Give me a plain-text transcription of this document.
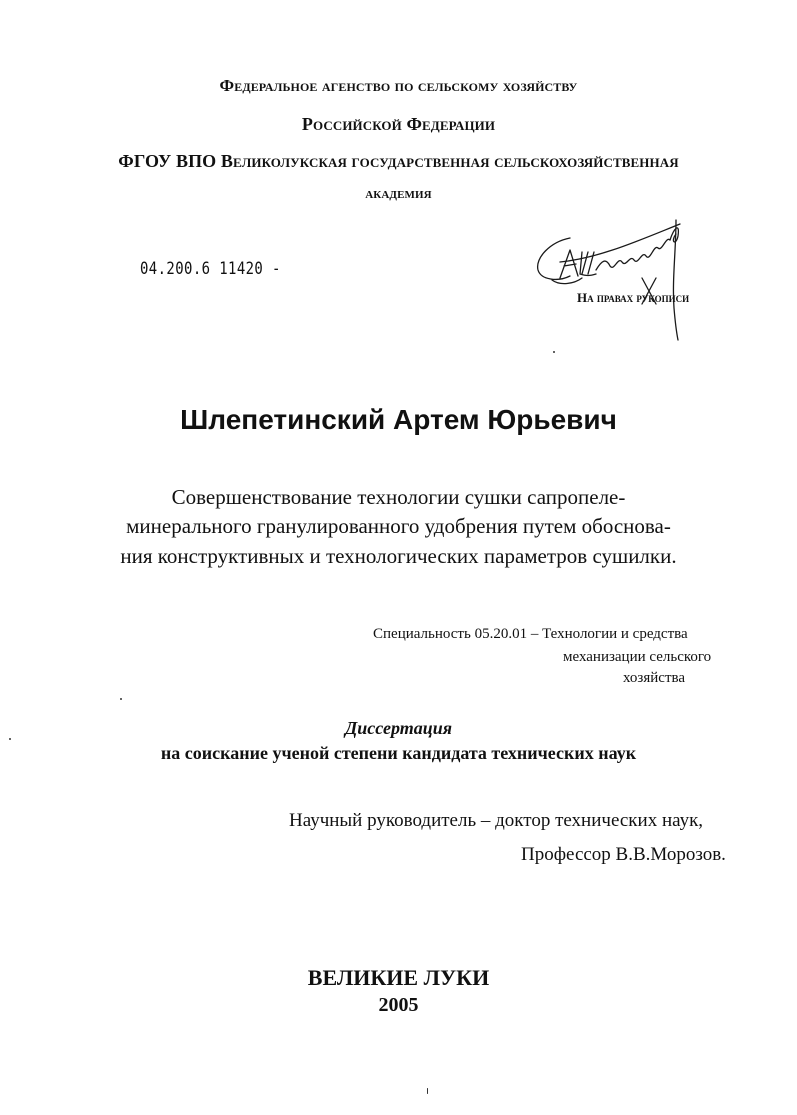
Федеральное агенство по сельскому хозяйству
Российской Федерации
ФГОУ ВПО Великолукская государственная сельскохозяйственная
академия
04.200.6 11420 -
На правах рукописи
Шлепетинский Артем Юрьевич
Совершенствование технологии сушки сапропеле-
минерального гранулированного удобрения путем обоснова-
ния конструктивных и технологических параметров сушилки.
Специальность 05.20.01 – Технологии и средства
механизации сельского
хозяйства
Диссертация
на соискание ученой степени кандидата технических наук
Научный руководитель – доктор технических наук,
Профессор В.В.Морозов.
ВЕЛИКИЕ ЛУКИ
2005
